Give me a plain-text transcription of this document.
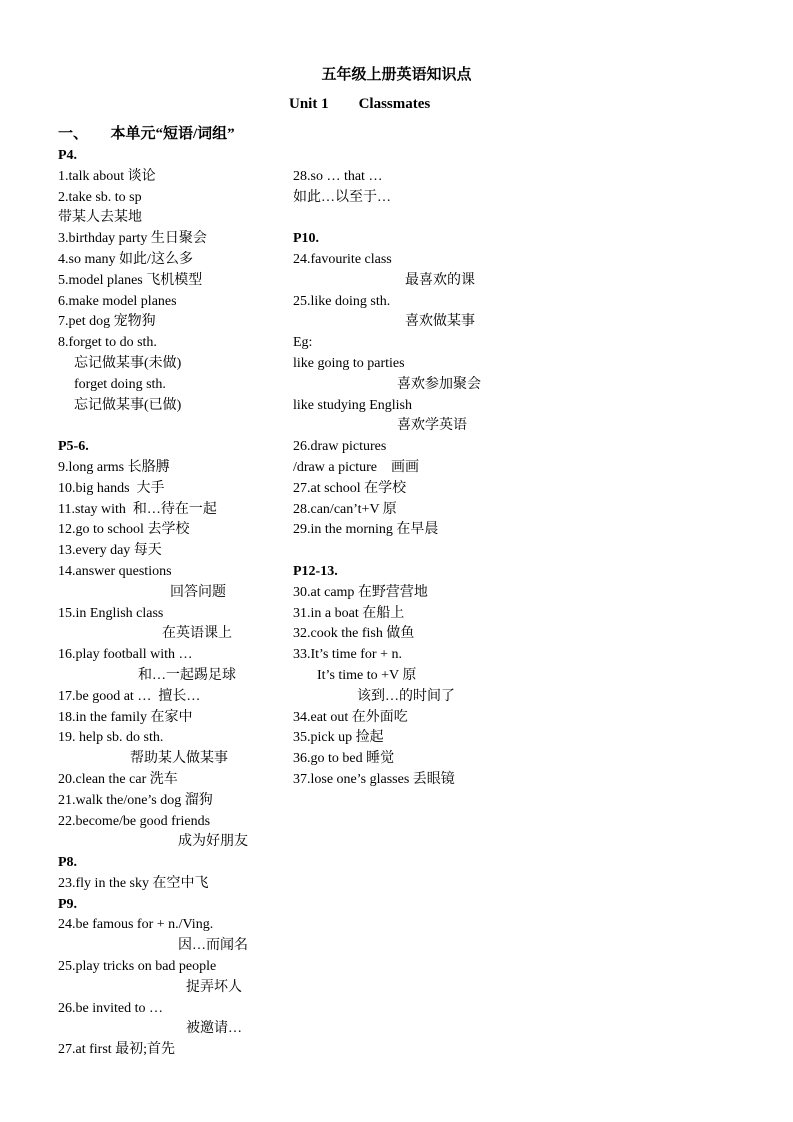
五年级上册英语知识点
Unit 1        Classmates
一、      本单元“短语/词组”
P4.
1.talk about 谈论
2.take sb. to sp
带某人去某地
3.birthday party 生日聚会
4.so many 如此/这么多
5.model planes 飞机模型
6.make model planes
7.pet dog 宠物狗
8.forget to do sth.
忘记做某事(未做)
forget doing sth.
忘记做某事(已做)
P5-6.
9.long arms 长胳膊
10.big hands  大手
11.stay with  和…待在一起
12.go to school 去学校
13.every day 每天
14.answer questions
回答问题
15.in English class
在英语课上
16.play football with …
和…一起踢足球
17.be good at …  擅长…
18.in the family 在家中
19. help sb. do sth.
帮助某人做某事
20.clean the car 洗车
21.walk the/one’s dog 溜狗
22.become/be good friends
成为好朋友
P8.
23.fly in the sky 在空中飞
P9.
24.be famous for + n./Ving.
因…而闻名
25.play tricks on bad people
捉弄坏人
26.be invited to …
被邀请…
27.at first 最初;首先
28.so … that …
如此…以至于…
P10.
24.favourite class
最喜欢的课
25.like doing sth.
喜欢做某事
Eg:
like going to parties
喜欢参加聚会
like studying English
喜欢学英语
26.draw pictures
/draw a picture    画画
27.at school 在学校
28.can/can’t+V 原
29.in the morning 在早晨
P12-13.
30.at camp 在野营营地
31.in a boat 在船上
32.cook the fish 做鱼
33.It’s time for + n.
It’s time to +V 原
该到…的时间了
34.eat out 在外面吃
35.pick up 捡起
36.go to bed 睡觉
37.lose one’s glasses 丢眼镜
